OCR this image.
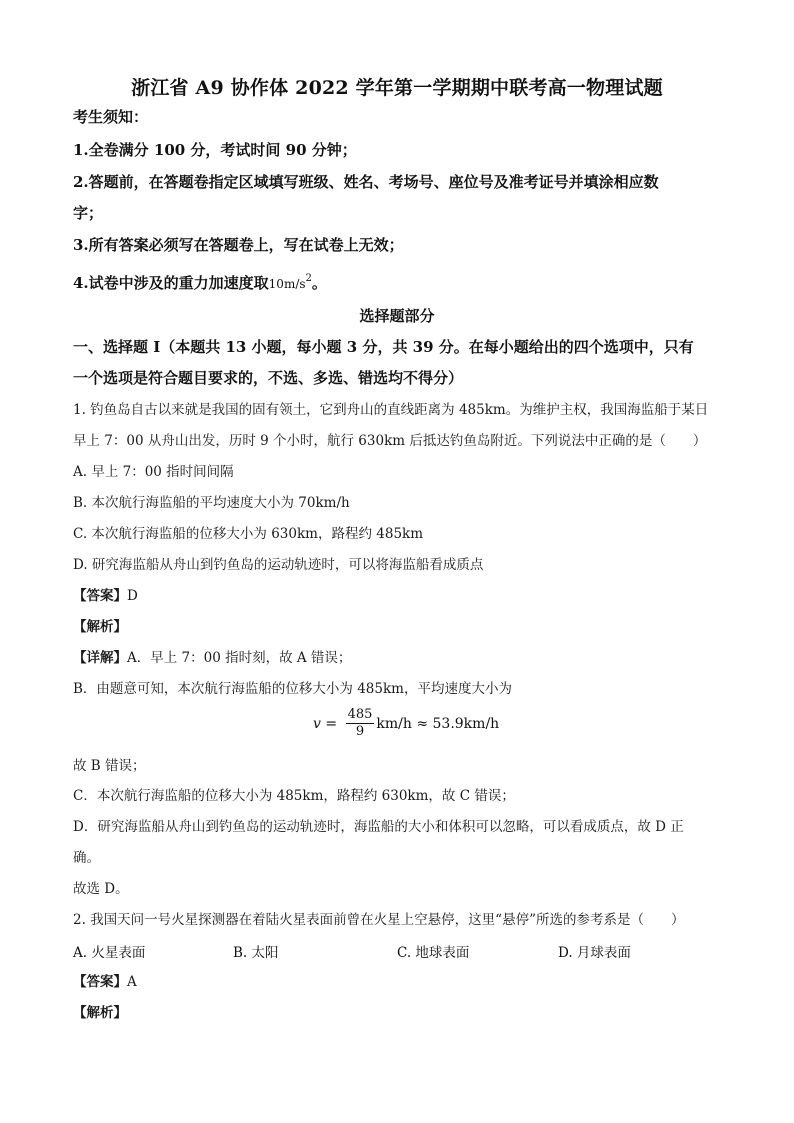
浙江省 A9 协作体 2022 学年第一学期期中联考高一物理试题
考生须知：
1.全卷满分 100 分，考试时间 90 分钟；
2.答题前，在答题卷指定区域填写班级、姓名、考场号、座位号及准考证号并填涂相应数
字；
3.所有答案必须写在答题卷上，写在试卷上无效；
4.试卷中涉及的重力加速度取$10m/s^2$。
选择题部分
一、选择题 I（本题共 13 小题，每小题 3 分，共 39 分。在每小题给出的四个选项中，只有
一个选项是符合题目要求的，不选、多选、错选均不得分）
1. 钓鱼岛自古以来就是我国的固有领土，它到舟山的直线距离为 485km。为维护主权，我国海监船于某日
早上 7：00 从舟山出发，历时 9 个小时，航行 630km 后抵达钓鱼岛附近。下列说法中正确的是（　　）
A. 早上 7：00 指时间间隔
B. 本次航行海监船的平均速度大小为 70km/h
C. 本次航行海监船的位移大小为 630km，路程约 485km
D. 研究海监船从舟山到钓鱼岛的运动轨迹时，可以将海监船看成质点
【答案】D
【解析】
【详解】A．早上 7：00 指时刻，故 A 错误；
B．由题意可知，本次航行海监船的位移大小为 485km，平均速度大小为
$v = \frac{485}{9} km/h \approx 53.9km/h$
故 B 错误；
C．本次航行海监船的位移大小为 485km，路程约 630km，故 C 错误；
D．研究海监船从舟山到钓鱼岛的运动轨迹时，海监船的大小和体积可以忽略，可以看成质点，故 D 正
确。
故选 D。
2. 我国天问一号火星探测器在着陆火星表面前曾在火星上空悬停，这里“悬停”所选的参考系是（　　）
A. 火星表面	B. 太阳	C. 地球表面	D. 月球表面
【答案】A
【解析】
